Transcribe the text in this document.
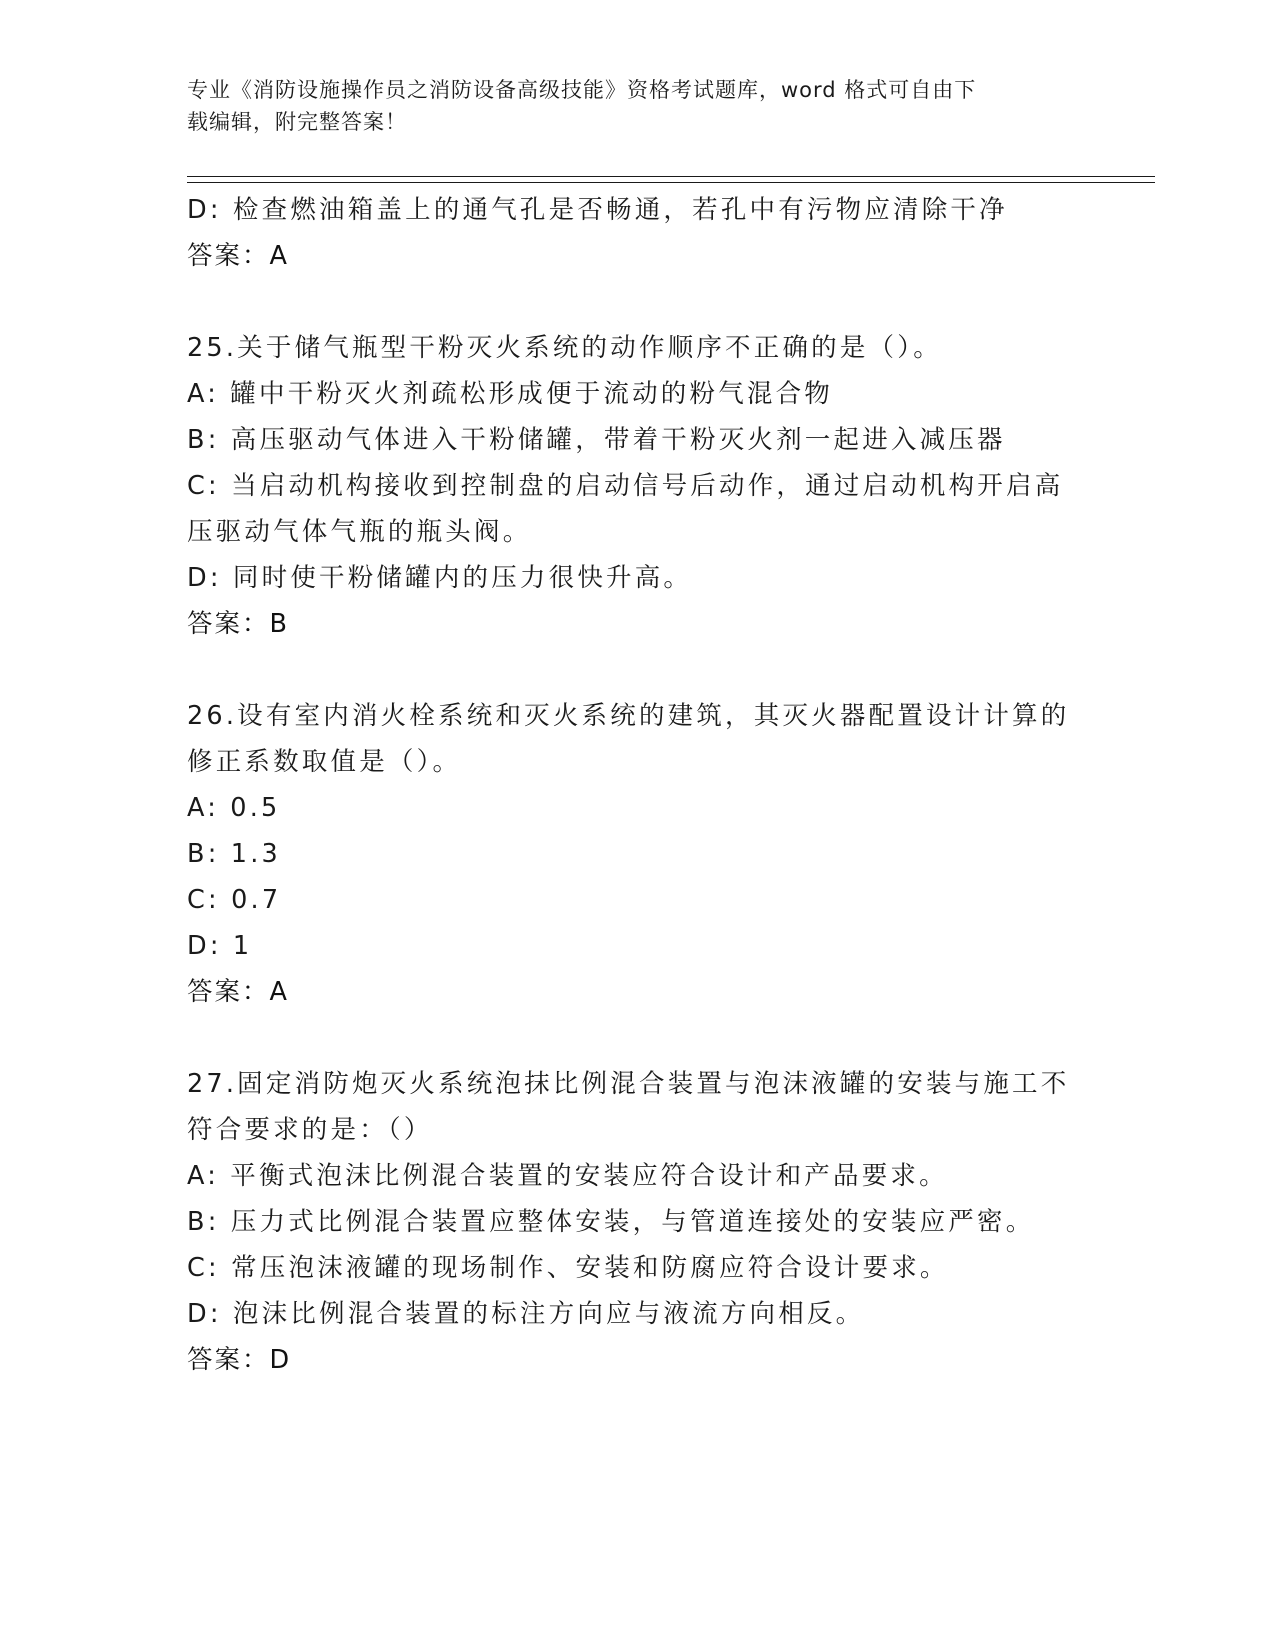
专业《消防设施操作员之消防设备高级技能》资格考试题库，word 格式可自由下
载编辑，附完整答案！
D: 检查燃油箱盖上的通气孔是否畅通，若孔中有污物应清除干净
答案：A
25.关于储气瓶型干粉灭火系统的动作顺序不正确的是（）。
A: 罐中干粉灭火剂疏松形成便于流动的粉气混合物
B: 高压驱动气体进入干粉储罐，带着干粉灭火剂一起进入减压器
C: 当启动机构接收到控制盘的启动信号后动作，通过启动机构开启高
压驱动气体气瓶的瓶头阀。
D: 同时使干粉储罐内的压力很快升高。
答案：B
26.设有室内消火栓系统和灭火系统的建筑，其灭火器配置设计计算的
修正系数取值是（）。
A: 0.5
B: 1.3
C: 0.7
D: 1
答案：A
27.固定消防炮灭火系统泡抹比例混合装置与泡沫液罐的安装与施工不
符合要求的是：（）
A: 平衡式泡沫比例混合装置的安装应符合设计和产品要求。
B: 压力式比例混合装置应整体安装，与管道连接处的安装应严密。
C: 常压泡沫液罐的现场制作、安装和防腐应符合设计要求。
D: 泡沫比例混合装置的标注方向应与液流方向相反。
答案：D
